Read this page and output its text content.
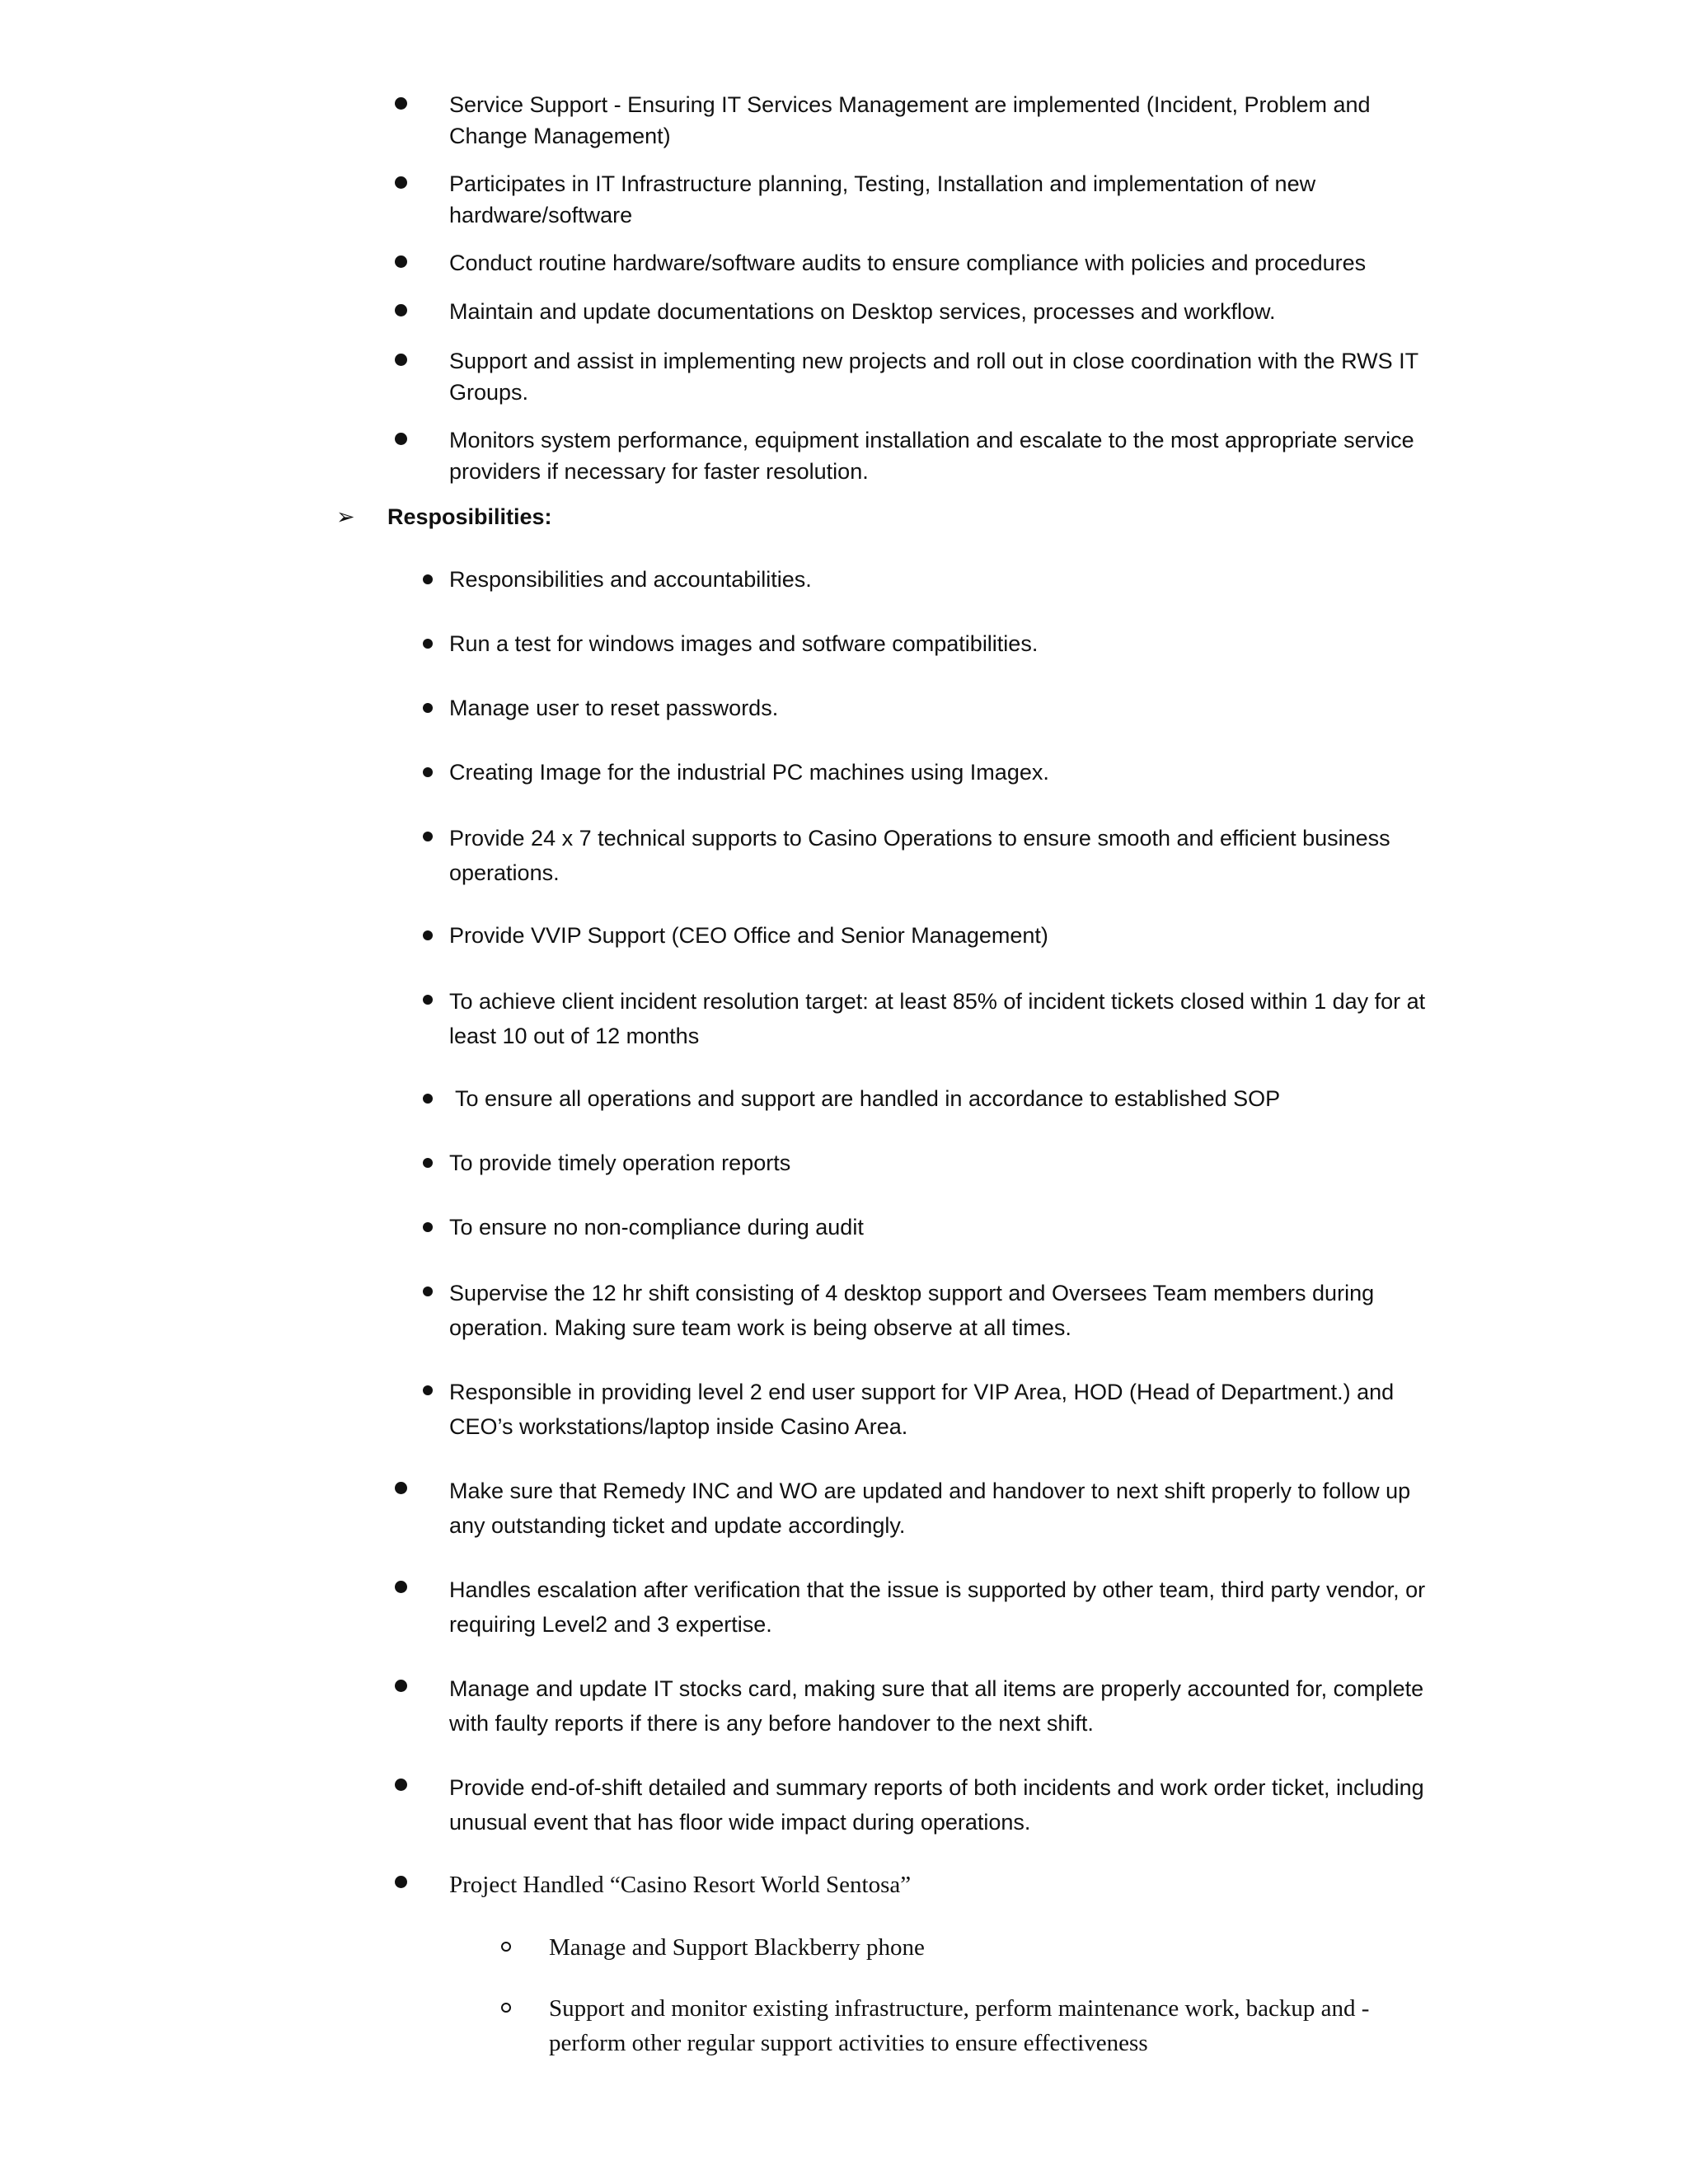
Service Support - Ensuring IT Services Management are implemented (Incident, Problem and Change Management)
Participates in IT Infrastructure planning, Testing, Installation and implementation of new hardware/software
Conduct routine hardware/software audits to ensure compliance with policies and procedures
Maintain and update documentations on Desktop services, processes and workflow.
Support and assist in implementing new projects and roll out in close coordination with the RWS IT Groups.
Monitors system performance, equipment installation and escalate to the most appropriate service providers if necessary for faster resolution.
➢ Resposibilities:
Responsibilities and accountabilities.
Run a test for windows images and sotfware compatibilities.
Manage user to reset passwords.
Creating Image for the industrial PC machines using Imagex.
Provide 24 x 7 technical supports to Casino Operations to ensure smooth and efficient business operations.
Provide VVIP Support (CEO Office and Senior Management)
To achieve client incident resolution target: at least 85% of incident tickets closed within 1 day for at least 10 out of 12 months
To ensure all operations and support are handled in accordance to established SOP
To provide timely operation reports
To ensure no non-compliance during audit
Supervise the 12 hr shift consisting of 4 desktop support and Oversees Team members during operation. Making sure team work is being observe at all times.
Responsible in providing level 2 end user support for VIP Area, HOD (Head of Department.) and CEO’s workstations/laptop inside Casino Area.
Make sure that Remedy INC and WO are updated and handover to next shift properly to follow up any outstanding ticket and update accordingly.
Handles escalation after verification that the issue is supported by other team, third party vendor, or requiring Level2 and 3 expertise.
Manage and update IT stocks card, making sure that all items are properly accounted for, complete with faulty reports if there is any before handover to the next shift.
Provide end-of-shift detailed and summary reports of both incidents and work order ticket, including unusual event that has floor wide impact during operations.
Project Handled “Casino Resort World Sentosa”
Manage and Support Blackberry phone
Support and monitor existing infrastructure, perform maintenance work, backup and -perform other regular support activities to ensure effectiveness
